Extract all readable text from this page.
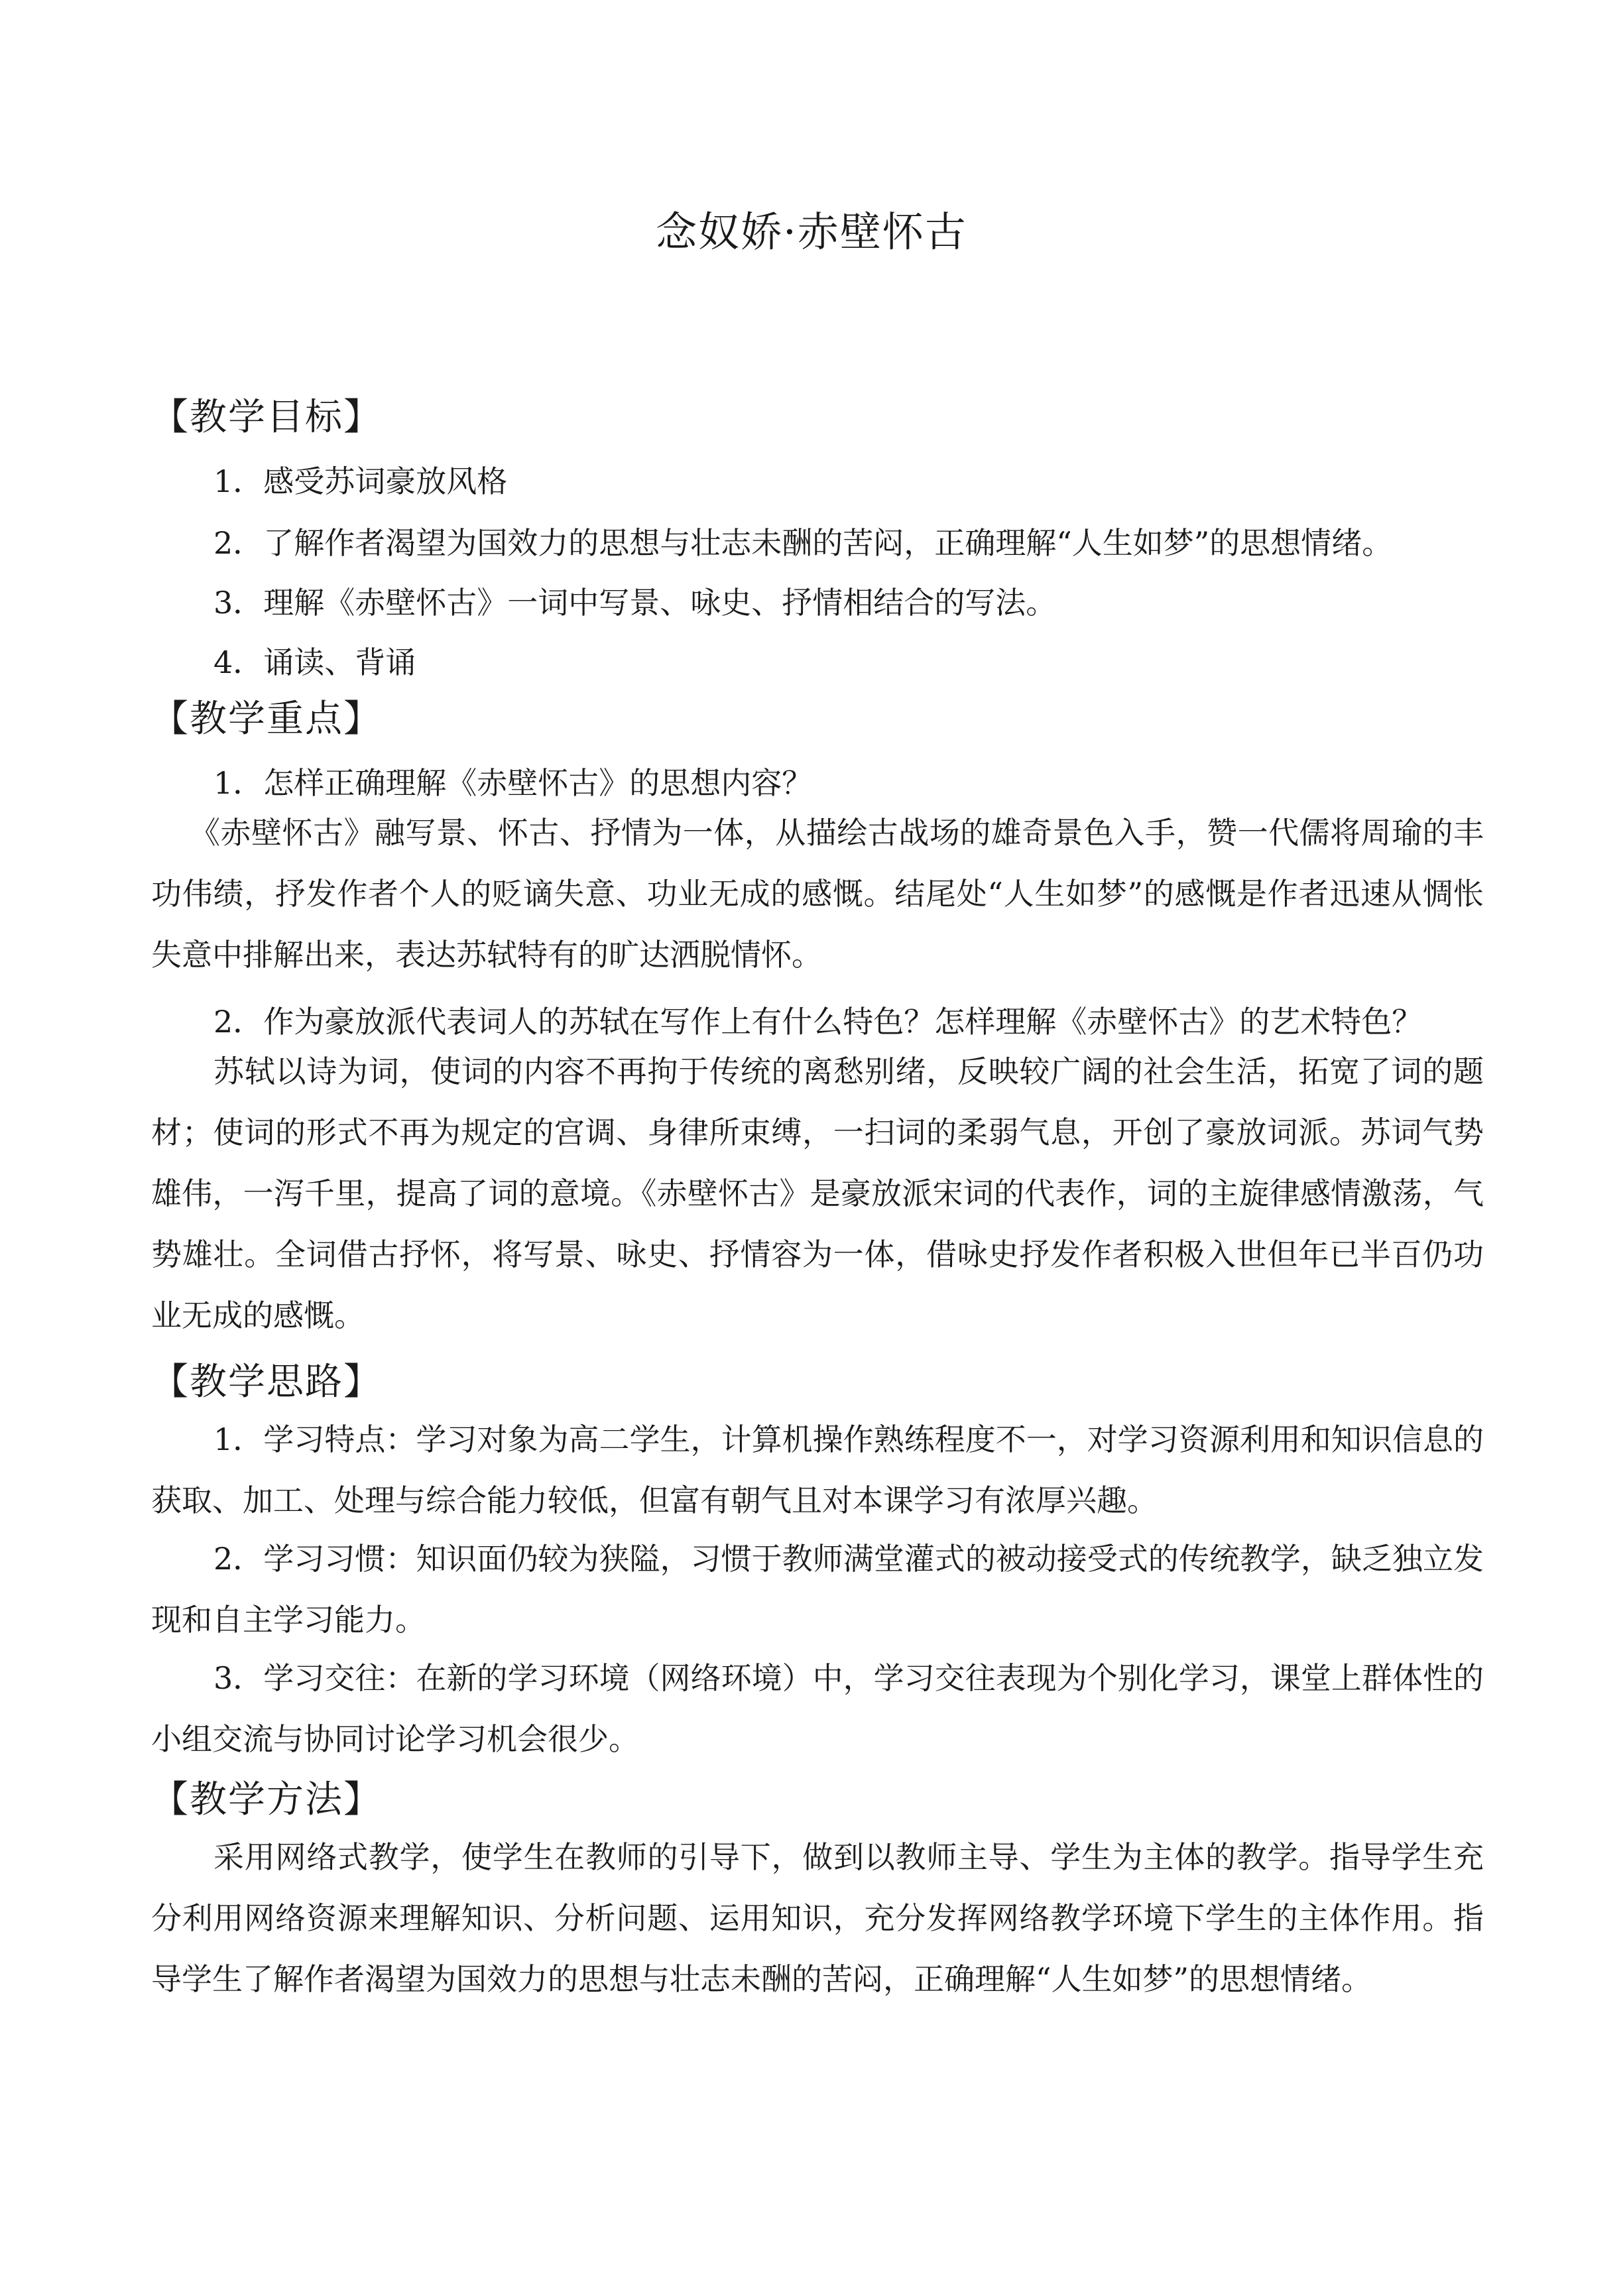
念奴娇·赤壁怀古
【教学目标】
1．感受苏词豪放风格
2．了解作者渴望为国效力的思想与壮志未酬的苦闷，正确理解“人生如梦”的思想情绪。
3．理解《赤壁怀古》一词中写景、咏史、抒情相结合的写法。
4．诵读、背诵
【教学重点】
1．怎样正确理解《赤壁怀古》的思想内容？
《赤壁怀古》融写景、怀古、抒情为一体，从描绘古战场的雄奇景色入手，赞一代儒将周瑜的丰功伟绩，抒发作者个人的贬谪失意、功业无成的感慨。结尾处“人生如梦”的感慨是作者迅速从惆怅失意中排解出来，表达苏轼特有的旷达洒脱情怀。
2．作为豪放派代表词人的苏轼在写作上有什么特色？怎样理解《赤壁怀古》的艺术特色？
苏轼以诗为词，使词的内容不再拘于传统的离愁别绪，反映较广阔的社会生活，拓宽了词的题材；使词的形式不再为规定的宫调、身律所束缚，一扫词的柔弱气息，开创了豪放词派。苏词气势雄伟，一泻千里，提高了词的意境。《赤壁怀古》是豪放派宋词的代表作，词的主旋律感情激荡，气势雄壮。全词借古抒怀，将写景、咏史、抒情容为一体，借咏史抒发作者积极入世但年已半百仍功业无成的感慨。
【教学思路】
1．学习特点：学习对象为高二学生，计算机操作熟练程度不一，对学习资源利用和知识信息的获取、加工、处理与综合能力较低，但富有朝气且对本课学习有浓厚兴趣。
2．学习习惯：知识面仍较为狭隘，习惯于教师满堂灌式的被动接受式的传统教学，缺乏独立发现和自主学习能力。
3．学习交往：在新的学习环境（网络环境）中，学习交往表现为个别化学习，课堂上群体性的小组交流与协同讨论学习机会很少。
【教学方法】
采用网络式教学，使学生在教师的引导下，做到以教师主导、学生为主体的教学。指导学生充分利用网络资源来理解知识、分析问题、运用知识，充分发挥网络教学环境下学生的主体作用。指导学生了解作者渴望为国效力的思想与壮志未酬的苦闷，正确理解“人生如梦”的思想情绪。
